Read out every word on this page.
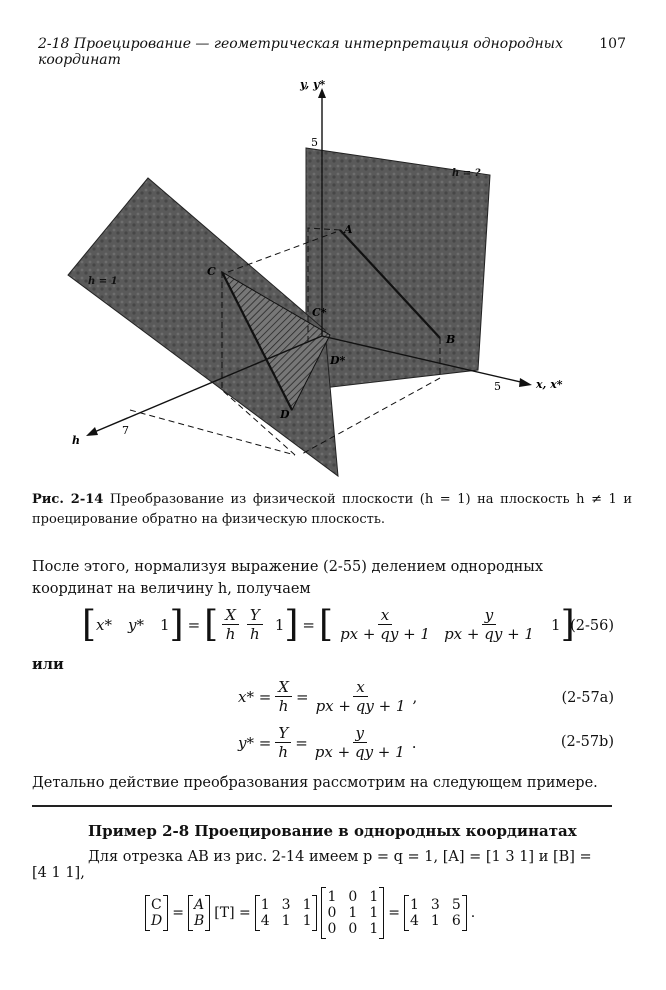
2-18 Проецирование — геометрическая интерпретация однородных координат
107
y, y*
x, x*
h
5
5
7
h = 1
h = ?
A
B
C
D
C*
D*
Рис. 2-14 Преобразование из физической плоскости (h = 1) на плоскость h ≠ 1 и проецирование обратно на физическую плоскость.
После этого, нормализуя выражение (2-55) делением однородных координат на величину h, получаем
[ x* y* 1 ] = [ $\frac{X}{h} \frac{Y}{h} 1$ ] = [ $\frac{x}{px + qy + 1} \frac{y}{px + qy + 1} 1$ ]
(2-56)
или
$x* = \frac{X}{h} = \frac{x}{px + qy + 1}$ ,	(2-57a)
$y* = \frac{Y}{h} = \frac{y}{px + qy + 1}$ .	(2-57b)
Детально действие преобразования рассмотрим на следующем примере.
Пример 2-8 Проецирование в однородных координатах
Для отрезка AB из рис. 2-14 имеем p = q = 1, [A] = [1 3 1] и [B] =
[4 1 1],
C
D = A
B [T] = 1 3 1
4 1 1
1 0 1
0 1 1
0 0 1
= 1 3 5
4 1 6 .
